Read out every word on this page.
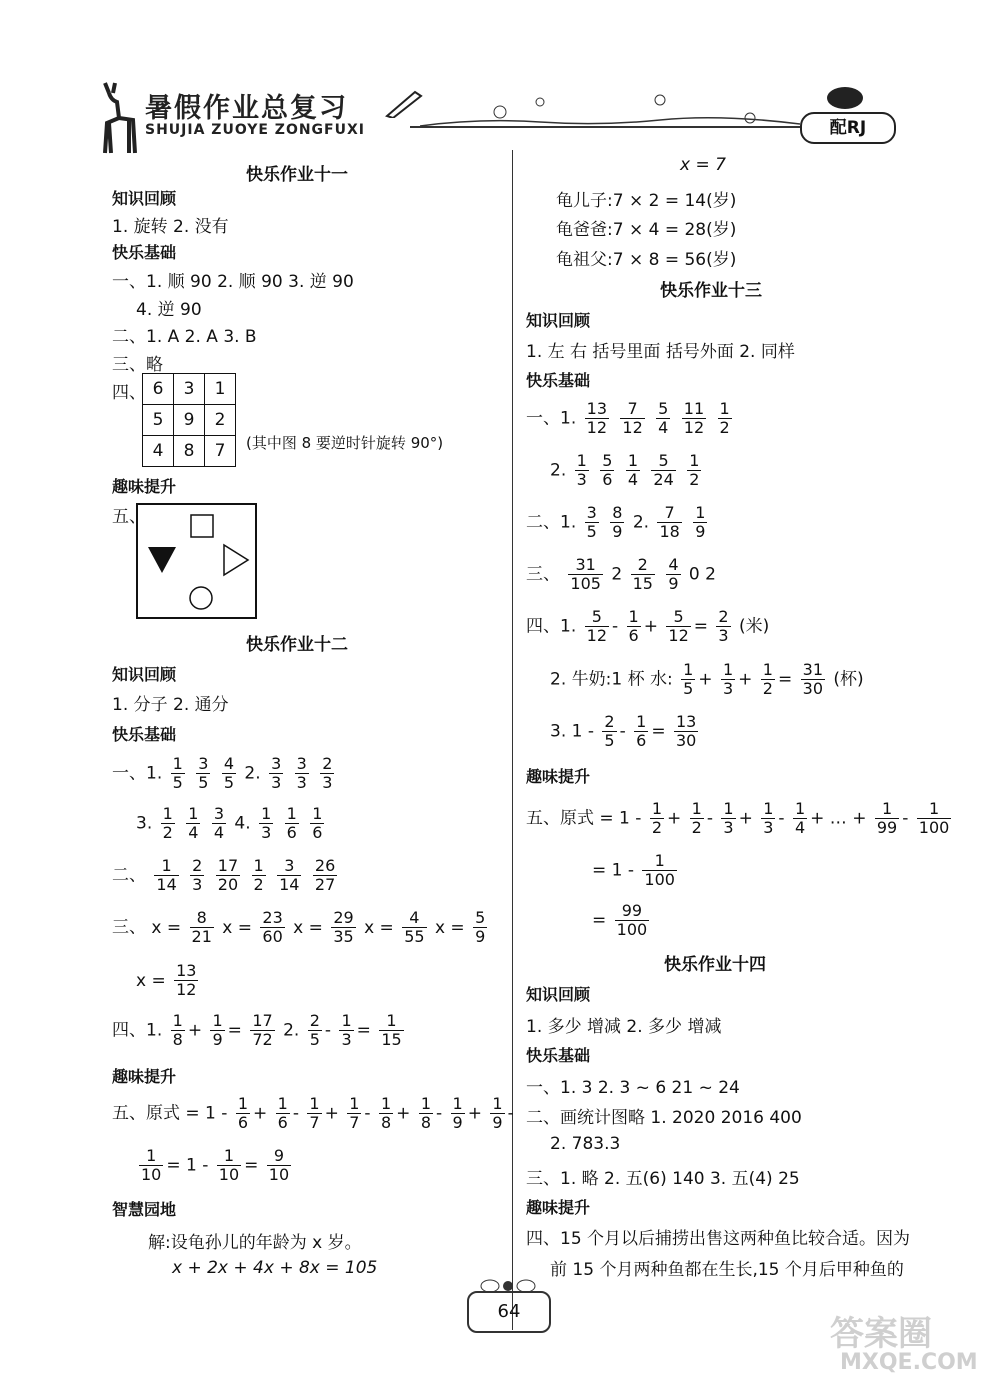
暑假作业总复习
SHUJIA ZUOYE ZONGFUXI	配RJ
快乐作业十一
知识回顾
1. 旋转 2. 没有
快乐基础
一、1. 顺 90 2. 顺 90 3. 逆 90
4. 逆 90
二、1. A 2. A 3. B
三、略
四、 6	3	1
5	9	2
4	8	7 (其中图 8 要逆时针旋转 90°)
趣味提升
五、
快乐作业十二
知识回顾
1. 分子 2. 通分
快乐基础
一、1. $\frac{1}{5}$
$\frac{3}{5}$
$\frac{4}{5} 2$. $\frac{3}{3}$
$\frac{3}{3}$
$\frac{2}{3}$
3. $\frac{1}{2}$
$\frac{1}{4}$
$\frac{3}{4} 4$. $\frac{1}{3}$
$\frac{1}{6}$
$\frac{1}{6}$
二、 $\frac{1}{14}$
$\frac{2}{3}$
$\frac{17}{20}$
$\frac{1}{2}$
$\frac{3}{14}$
$\frac{26}{27}$
三、 $x = \frac{8}{21}$ $x = \frac{23}{60}$ $x = \frac{29}{35}$ $x = \frac{4}{55}$ $x = \frac{5}{9}$
$x = \frac{13}{12}$
四、1. $\frac{1}{8} + \frac{1}{9} = \frac{17}{72} 2$. $\frac{2}{5} - \frac{1}{3} = \frac{1}{15}$
趣味提升
五、原式 = $1 - \frac{1}{6} + \frac{1}{6} - \frac{1}{7} + \frac{1}{7} - \frac{1}{8} + \frac{1}{8} - \frac{1}{9} + \frac{1}{9}$ -
$\frac{1}{10} = 1 - \frac{1}{10} = \frac{9}{10}$
智慧园地
解:设龟孙儿的年龄为 x 岁。
x + 2x + 4x + 8x = 105
x = 7
龟儿子:7 × 2 = 14(岁)
龟爸爸:7 × 4 = 28(岁)
龟祖父:7 × 8 = 56(岁)
快乐作业十三
知识回顾
1. 左 右 括号里面 括号外面 2. 同样
快乐基础
一、1. $\frac{13}{12}$
$\frac{7}{12}$
$\frac{5}{4}$
$\frac{11}{12}$
$\frac{1}{2}$
2. $\frac{1}{3}$
$\frac{5}{6}$
$\frac{1}{4}$
$\frac{5}{24}$
$\frac{1}{2}$
二、1. $\frac{3}{5}$
$\frac{8}{9} 2$. $\frac{7}{18}$
$\frac{1}{9}$
三、 $\frac{31}{105} 2 \frac{2}{15}$
$\frac{4}{9} 0$ 2
四、1. $\frac{5}{12} - \frac{1}{6} + \frac{5}{12} = \frac{2}{3}$ (米)
2. 牛奶:1 杯 水: $\frac{1}{5} + \frac{1}{3} + \frac{1}{2} = \frac{31}{30}$ (杯)
3. $1 - \frac{2}{5} - \frac{1}{6} = \frac{13}{30}$
趣味提升
五、原式 = $1 - \frac{1}{2} + \frac{1}{2} - \frac{1}{3} + \frac{1}{3} - \frac{1}{4}$ + … + $\frac{1}{99} - \frac{1}{100}$
= $1 - \frac{1}{100}$
= $\frac{99}{100}$
快乐作业十四
知识回顾
1. 多少 增减 2. 多少 增减
快乐基础
一、1. 3 2. 3 ~ 6 21 ~ 24
二、画统计图略 1. 2020 2016 400
2. 783.3
三、1. 略 2. 五(6) 140 3. 五(4) 25
趣味提升
四、15 个月以后捕捞出售这两种鱼比较合适。因为
前 15 个月两种鱼都在生长,15 个月后甲种鱼的
64
答案圈
MXQE.COM
